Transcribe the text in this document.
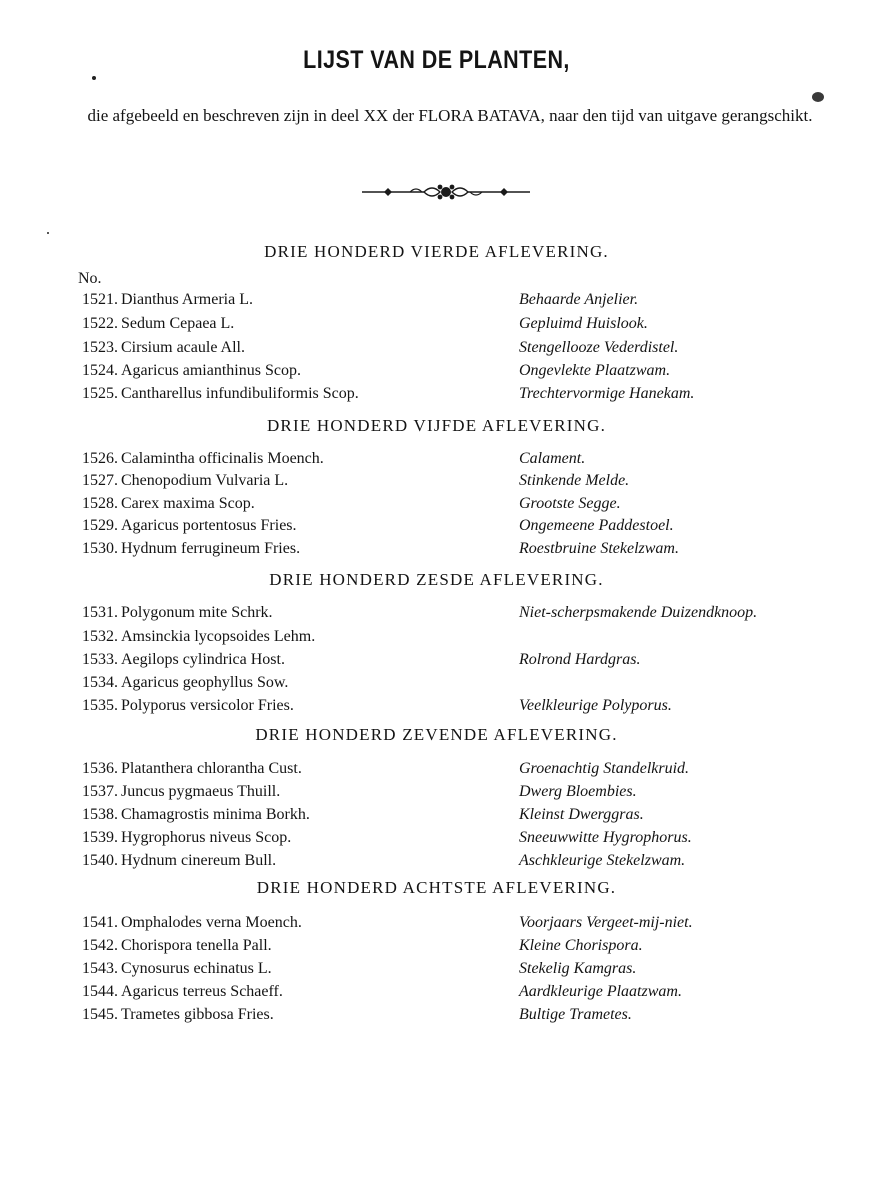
LIJST VAN DE PLANTEN,
die afgebeeld en beschreven zijn in deel XX der FLORA BATAVA, naar den tijd van uitgave gerangschikt.
No.
DRIE HONDERD VIERDE AFLEVERING.
1521. Dianthus Armeria L.	Behaarde Anjelier.
1522. Sedum Cepaea L.	Gepluimd Huislook.
1523. Cirsium acaule All.	Stengellooze Vederdistel.
1524. Agaricus amianthinus Scop.	Ongevlekte Plaatzwam.
1525. Cantharellus infundibuliformis Scop.	Trechtervormige Hanekam.
DRIE HONDERD VIJFDE AFLEVERING.
1526. Calamintha officinalis Moench.	Calament.
1527. Chenopodium Vulvaria L.	Stinkende Melde.
1528. Carex maxima Scop.	Grootste Segge.
1529. Agaricus portentosus Fries.	Ongemeene Paddestoel.
1530. Hydnum ferrugineum Fries.	Roestbruine Stekelzwam.
DRIE HONDERD ZESDE AFLEVERING.
1531. Polygonum mite Schrk.	Niet-scherpsmakende Duizendknoop.
1532. Amsinckia lycopsoides Lehm.
1533. Aegilops cylindrica Host.	Rolrond Hardgras.
1534. Agaricus geophyllus Sow.
1535. Polyporus versicolor Fries.	Veelkleurige Polyporus.
DRIE HONDERD ZEVENDE AFLEVERING.
1536. Platanthera chlorantha Cust.	Groenachtig Standelkruid.
1537. Juncus pygmaeus Thuill.	Dwerg Bloembies.
1538. Chamagrostis minima Borkh.	Kleinst Dwerggras.
1539. Hygrophorus niveus Scop.	Sneeuwwitte Hygrophorus.
1540. Hydnum cinereum Bull.	Aschkleurige Stekelzwam.
DRIE HONDERD ACHTSTE AFLEVERING.
1541. Omphalodes verna Moench.	Voorjaars Vergeet-mij-niet.
1542. Chorispora tenella Pall.	Kleine Chorispora.
1543. Cynosurus echinatus L.	Stekelig Kamgras.
1544. Agaricus terreus Schaeff.	Aardkleurige Plaatzwam.
1545. Trametes gibbosa Fries.	Bultige Trametes.
